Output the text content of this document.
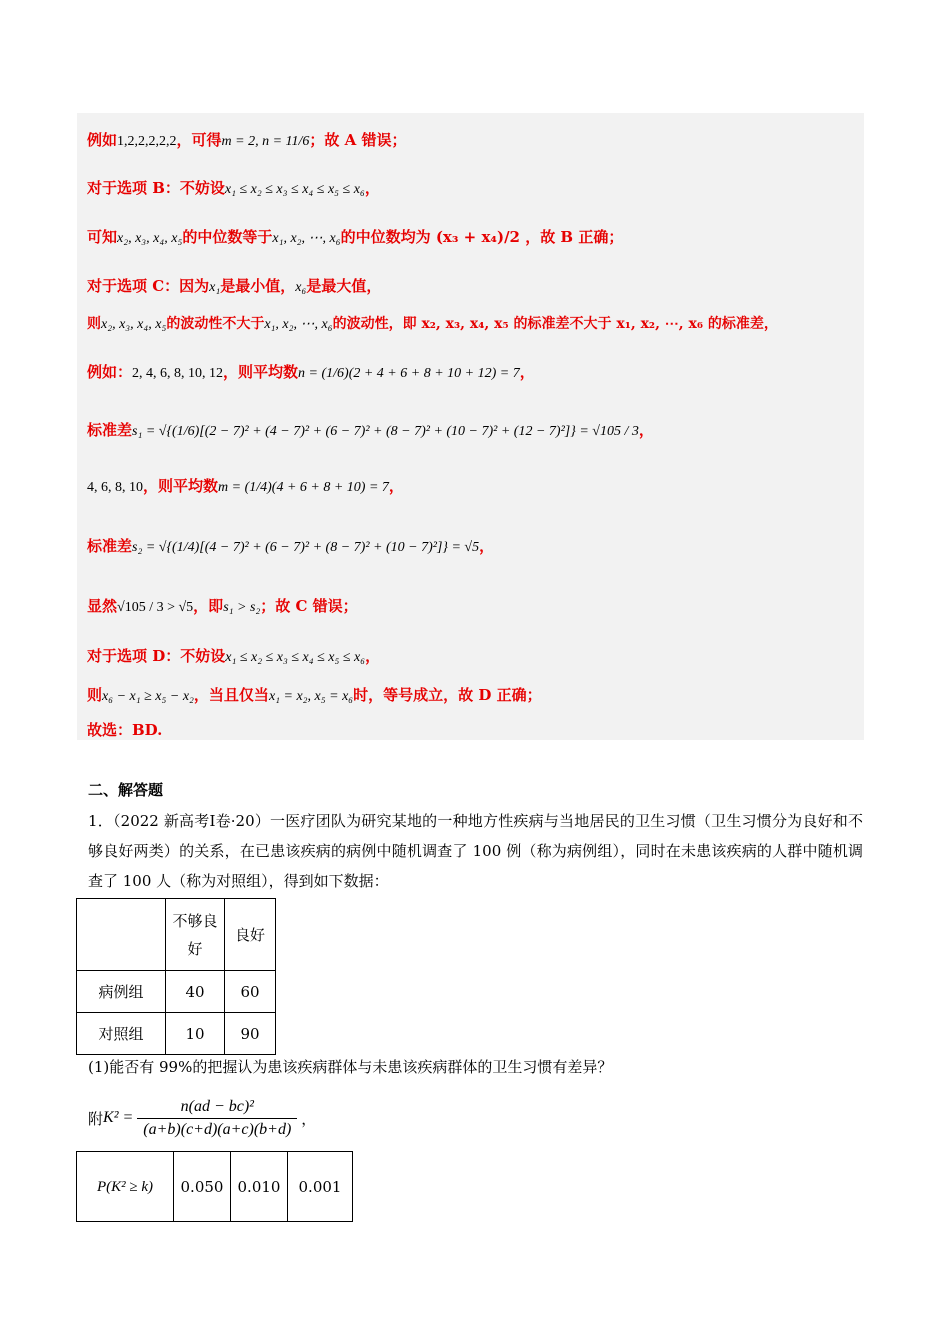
例如1,2,2,2,2,2，可得m = 2, n = 11/6；故 A 错误；
对于选项 B：不妨设x₁ ≤ x₂ ≤ x₃ ≤ x₄ ≤ x₅ ≤ x₆，
可知x₂, x₃, x₄, x₅的中位数等于x₁, x₂, ⋯, x₆的中位数均为 (x₃ + x₄)/2 ，故 B 正确；
对于选项 C：因为x₁是最小值，x₆是最大值，
则x₂, x₃, x₄, x₅的波动性不大于x₁, x₂, ⋯, x₆的波动性，即 x₂, x₃, x₄, x₅ 的标准差不大于 x₁, x₂, ⋯, x₆ 的标准差，
例如：2, 4, 6, 8, 10, 12，则平均数n = (1/6)(2 + 4 + 6 + 8 + 10 + 12) = 7，
标准差s₁ = √{(1/6)[(2 − 7)² + (4 − 7)² + (6 − 7)² + (8 − 7)² + (10 − 7)² + (12 − 7)²]} = √105 / 3，
4, 6, 8, 10，则平均数m = (1/4)(4 + 6 + 8 + 10) = 7，
标准差s₂ = √{(1/4)[(4 − 7)² + (6 − 7)² + (8 − 7)² + (10 − 7)²]} = √5，
显然√105 / 3 > √5，即s₁ > s₂；故 C 错误；
对于选项 D：不妨设x₁ ≤ x₂ ≤ x₃ ≤ x₄ ≤ x₅ ≤ x₆，
则x₆ − x₁ ≥ x₅ − x₂，当且仅当x₁ = x₂, x₅ = x₆时，等号成立，故 D 正确；
故选：BD.
二、解答题
1．（2022 新高考Ⅰ卷·20）一医疗团队为研究某地的一种地方性疾病与当地居民的卫生习惯（卫生习惯分为良好和不够良好两类）的关系，在已患该疾病的病例中随机调查了 100 例（称为病例组），同时在未患该疾病的人群中随机调查了 100 人（称为对照组），得到如下数据：
	不够良好	良好
病例组	40	60
对照组	10	90
(1)能否有 99%的把握认为患该疾病群体与未患该疾病群体的卫生习惯有差异？
附 $K^2 = \frac{\text{n(ad − bc)²}}{(a+b)(c+d)(a+c)(b+d)}$ ，
P(K² ≥ k)	0.050	0.010	0.001
